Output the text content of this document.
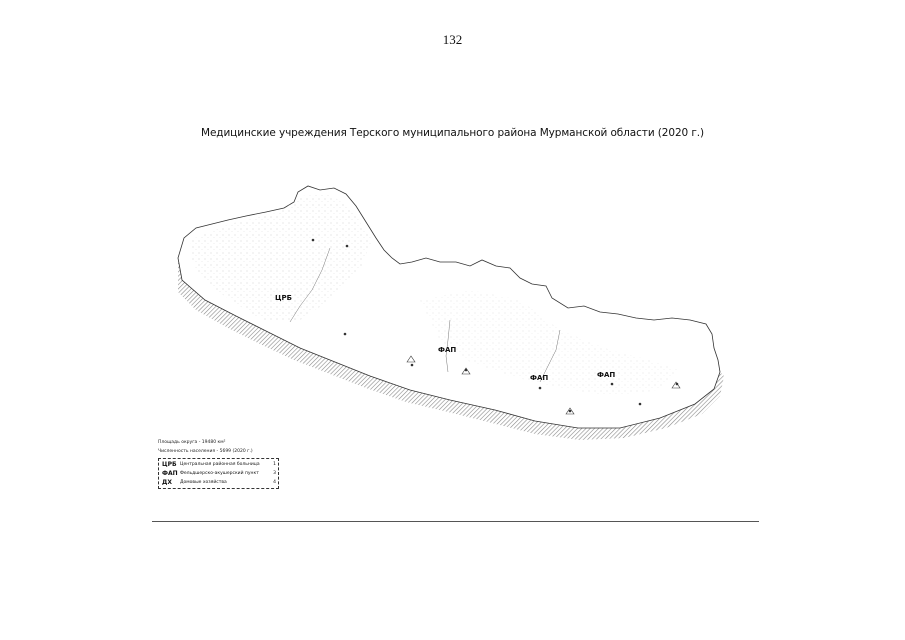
132
Медицинские учреждения Терского муниципального района Мурманской области (2020 г.)
ЦРБ
ФАП
ФАП	ФАП
Площадь округа - 19480 км²
Численность населения - 5699 (2020 г.)
ЦРБ Центральная районная больница	1
ФАП Фельдшерско-акушерский пункт	3
ДХ Домовые хозяйства	4
